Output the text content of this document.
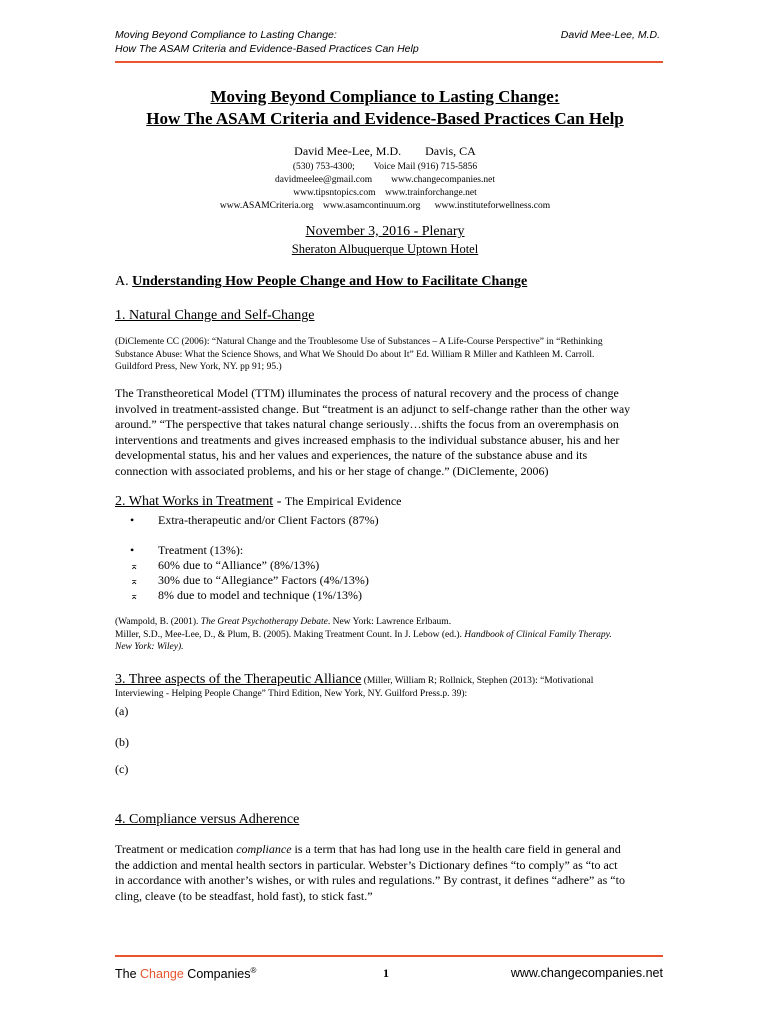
Moving Beyond Compliance to Lasting Change:
How The ASAM Criteria and Evidence-Based Practices Can Help
David Mee-Lee, M.D.
Moving Beyond Compliance to Lasting Change:
How The ASAM Criteria and Evidence-Based Practices Can Help
David Mee-Lee, M.D.        Davis, CA
(530) 753-4300;        Voice Mail (916) 715-5856
davidmeelee@gmail.com        www.changecompanies.net
www.tipsntopics.com    www.trainforchange.net
www.ASAMCriteria.org    www.asamcontinuum.org      www.instituteforwellness.com
November 3, 2016 - Plenary
Sheraton Albuquerque Uptown Hotel
A. Understanding How People Change and How to Facilitate Change
1. Natural Change and Self-Change
(DiClemente CC (2006): “Natural Change and the Troublesome Use of Substances – A Life-Course Perspective” in “Rethinking
Substance Abuse: What the Science Shows, and What We Should Do about It” Ed. William R Miller and Kathleen M. Carroll.
Guildford Press, New York, NY. pp 91; 95.)
The Transtheoretical Model (TTM) illuminates the process of natural recovery and the process of change
involved in treatment-assisted change. But “treatment is an adjunct to self-change rather than the other way
around.” “The perspective that takes natural change seriously…shifts the focus from an overemphasis on
interventions and treatments and gives increased emphasis to the individual substance abuser, his and her
developmental status, his and her values and experiences, the nature of the substance abuse and its
connection with associated problems, and his or her stage of change.” (DiClemente, 2006)
2. What Works in Treatment - The Empirical Evidence
• Extra-therapeutic and/or Client Factors (87%)
• Treatment (13%):
⌅ 60% due to “Alliance” (8%/13%)
⌅ 30% due to “Allegiance” Factors (4%/13%)
⌅ 8% due to model and technique (1%/13%)
(Wampold, B. (2001). The Great Psychotherapy Debate. New York: Lawrence Erlbaum.
Miller, S.D., Mee-Lee, D., & Plum, B. (2005). Making Treatment Count. In J. Lebow (ed.). Handbook of Clinical Family Therapy.
New York: Wiley).
3. Three aspects of the Therapeutic Alliance (Miller, William R; Rollnick, Stephen (2013): “Motivational
Interviewing - Helping People Change” Third Edition, New York, NY. Guilford Press.p. 39):
(a)
(b)
(c)
4. Compliance versus Adherence
Treatment or medication compliance is a term that has had long use in the health care field in general and
the addiction and mental health sectors in particular. Webster’s Dictionary defines “to comply” as “to act
in accordance with another’s wishes, or with rules and regulations.” By contrast, it defines “adhere” as “to
cling, cleave (to be steadfast, hold fast), to stick fast.”
The Change Companies®	1	www.changecompanies.net
